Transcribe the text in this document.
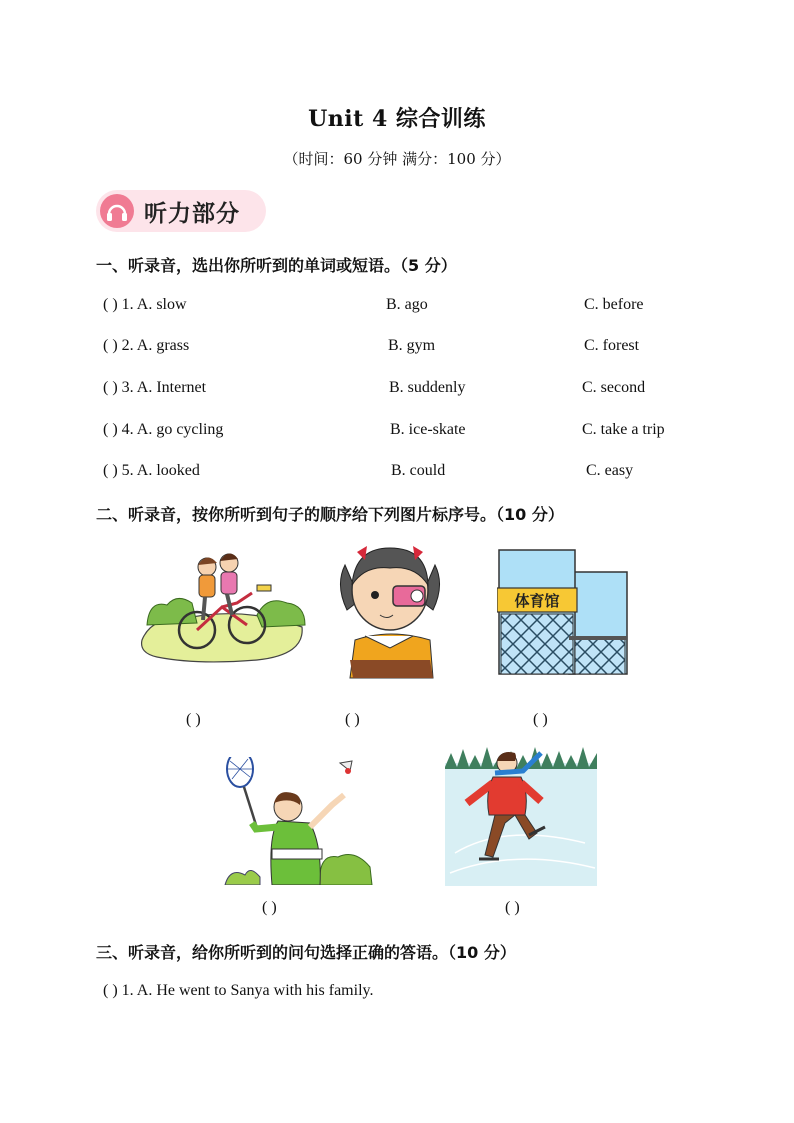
Unit 4 综合训练
（时间：60 分钟 满分：100 分）
听力部分
一、听录音，选出你所听到的单词或短语。（5 分）
( ) 1. A. slow	B. ago	C. before
( ) 2. A. grass	B. gym	C. forest
( ) 3. A. Internet	B. suddenly	C. second
( ) 4. A. go cycling	B. ice-skate	C. take a trip
( ) 5. A. looked	B. could	C. easy
二、听录音，按你所听到句子的顺序给下列图片标序号。（10 分）
体育馆
( )	( )	( )
( )	( )
三、听录音，给你所听到的问句选择正确的答语。（10 分）
( ) 1. A. He went to Sanya with his family.
